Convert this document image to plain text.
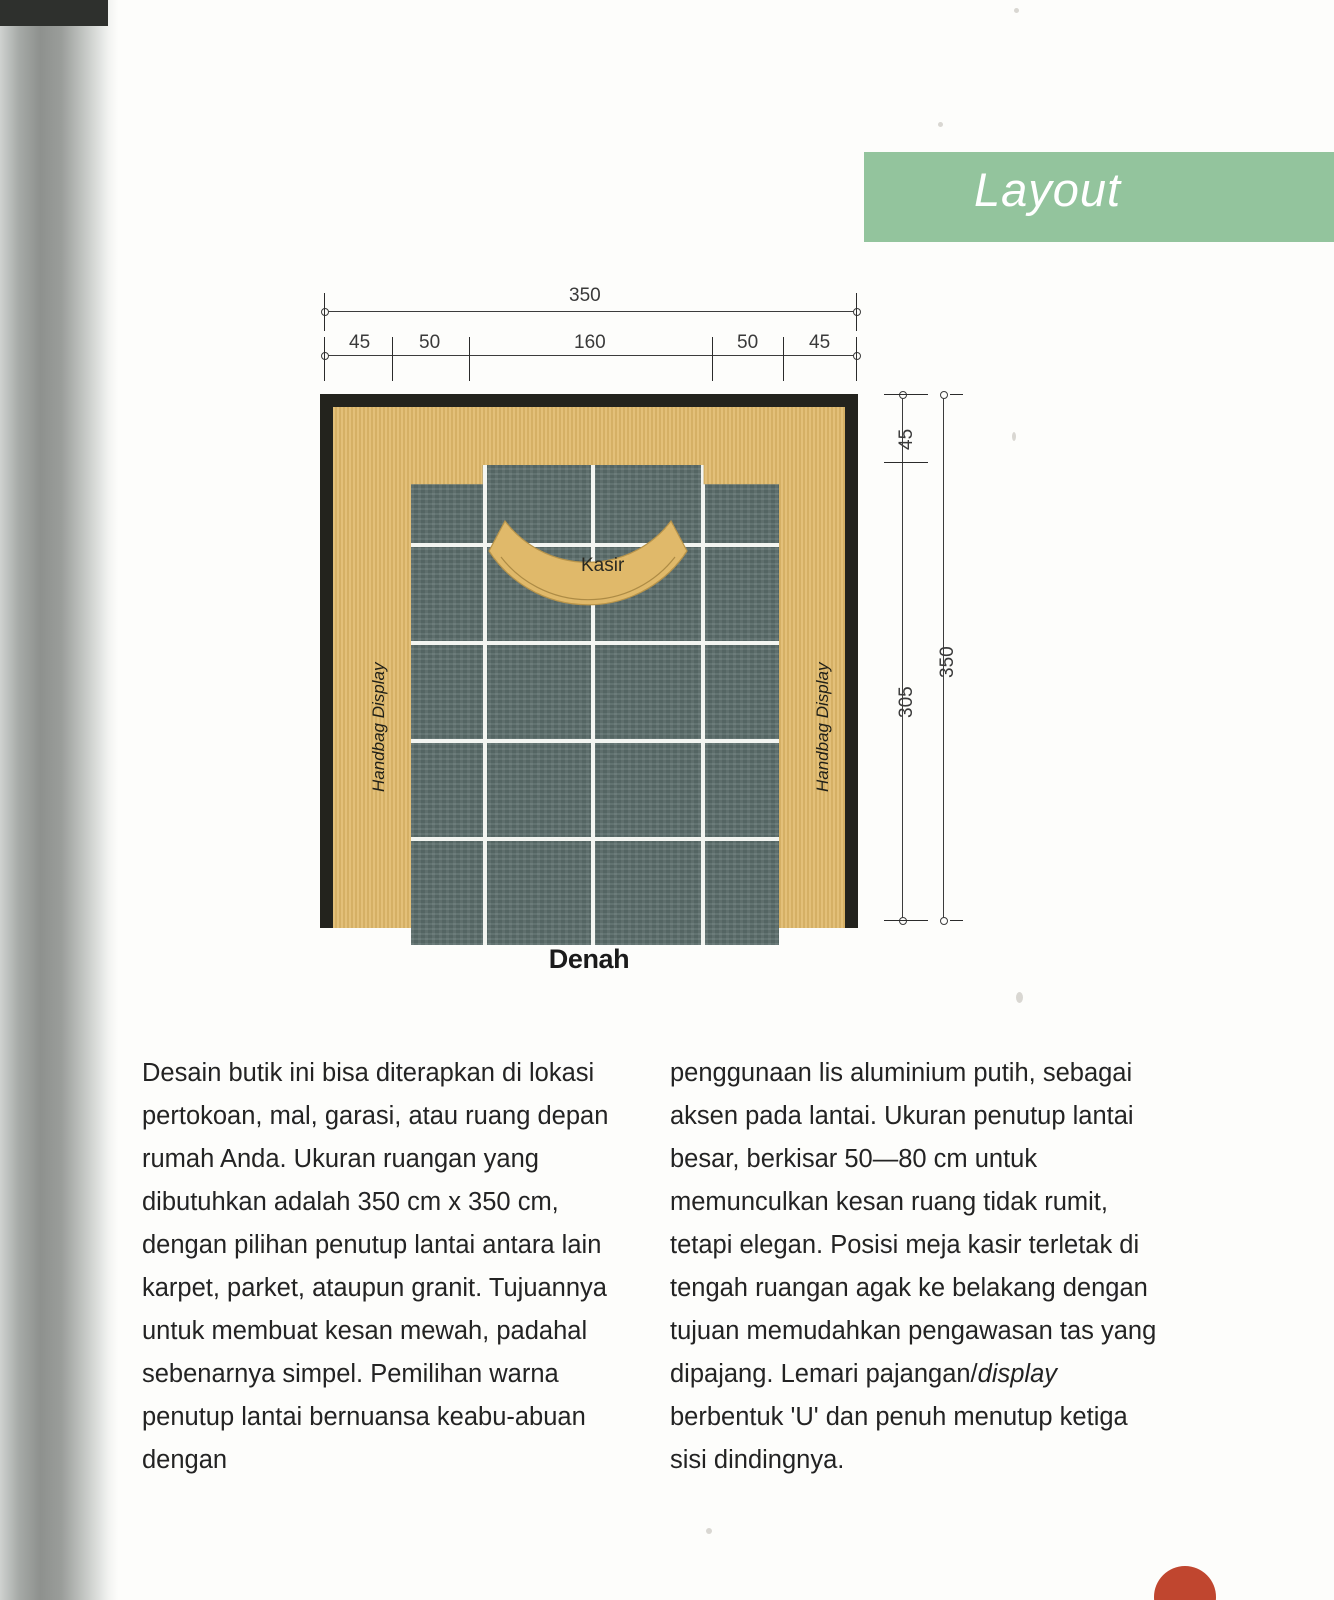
Layout
350
45	50	160	50	45
45
305
350
Kasir
Handbag Display	Handbag Display
Denah

Desain butik ini bisa diterapkan di lokasi pertokoan, mal, garasi, atau ruang depan rumah Anda. Ukuran ruangan yang dibutuhkan adalah 350 cm x 350 cm, dengan pilihan penutup lantai antara lain karpet, parket, ataupun granit. Tujuannya untuk membuat kesan mewah, padahal sebenarnya simpel. Pemilihan warna penutup lantai bernuansa keabu-abuan dengan

penggunaan lis aluminium putih, sebagai aksen pada lantai. Ukuran penutup lantai besar, berkisar 50—80 cm untuk memunculkan kesan ruang tidak rumit, tetapi elegan. Posisi meja kasir terletak di tengah ruangan agak ke belakang dengan tujuan memudahkan pengawasan tas yang dipajang. Lemari pajangan/display berbentuk 'U' dan penuh menutup ketiga sisi dindingnya.
